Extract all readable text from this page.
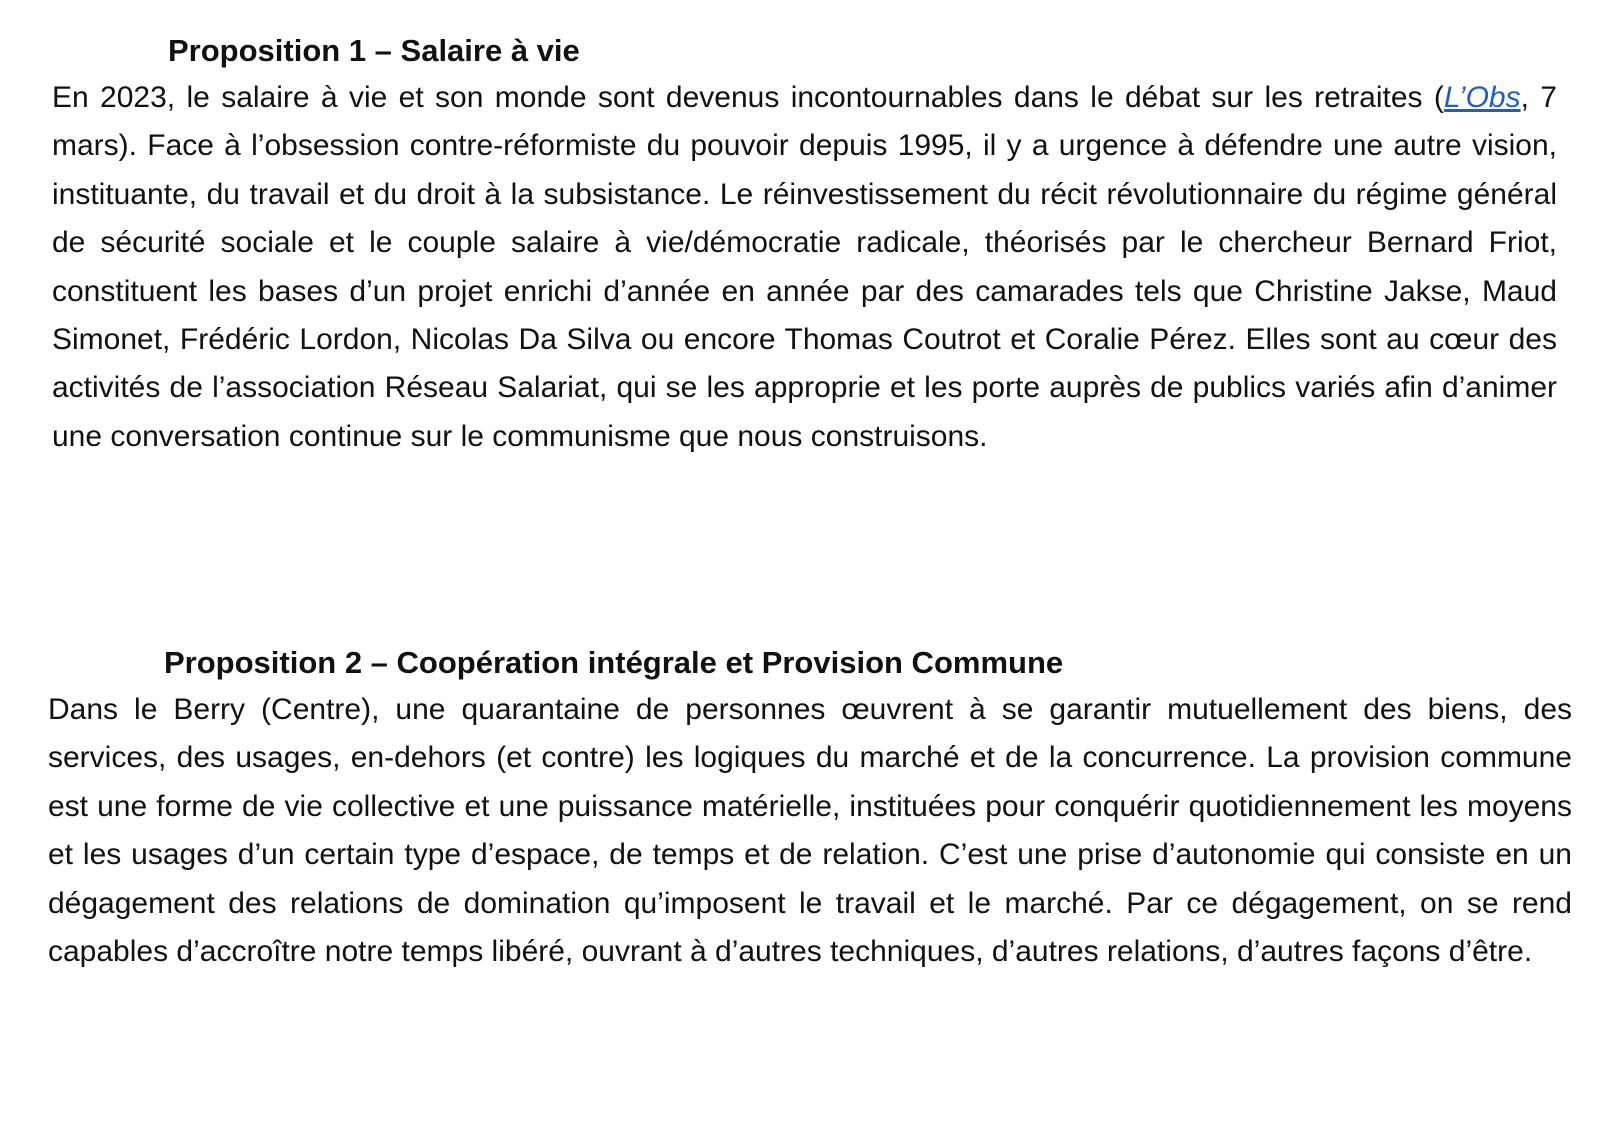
Proposition 1 – Salaire à vie

En 2023, le salaire à vie et son monde sont devenus incontournables dans le débat sur les retraites (L’Obs, 7 mars). Face à l’obsession contre-réformiste du pouvoir depuis 1995, il y a urgence à défendre une autre vision, instituante, du travail et du droit à la subsistance. Le réinvestissement du récit révolutionnaire du régime général de sécurité sociale et le couple salaire à vie/démocratie radicale, théorisés par le chercheur Bernard Friot, constituent les bases d’un projet enrichi d’année en année par des camarades tels que Christine Jakse, Maud Simonet, Frédéric Lordon, Nicolas Da Silva ou encore Thomas Coutrot et Coralie Pérez. Elles sont au cœur des activités de l’association Réseau Salariat, qui se les approprie et les porte auprès de publics variés afin d’animer une conversation continue sur le communisme que nous construisons.

Proposition 2 – Coopération intégrale et Provision Commune

Dans le Berry (Centre), une quarantaine de personnes œuvrent à se garantir mutuellement des biens, des services, des usages, en-dehors (et contre) les logiques du marché et de la concurrence. La provision commune est une forme de vie collective et une puissance matérielle, instituées pour conquérir quotidiennement les moyens et les usages d’un certain type d’espace, de temps et de relation. C’est une prise d’autonomie qui consiste en un dégagement des relations de domination qu’imposent le travail et le marché. Par ce dégagement, on se rend capables d’accroître notre temps libéré, ouvrant à d’autres techniques, d’autres relations, d’autres façons d’être.
